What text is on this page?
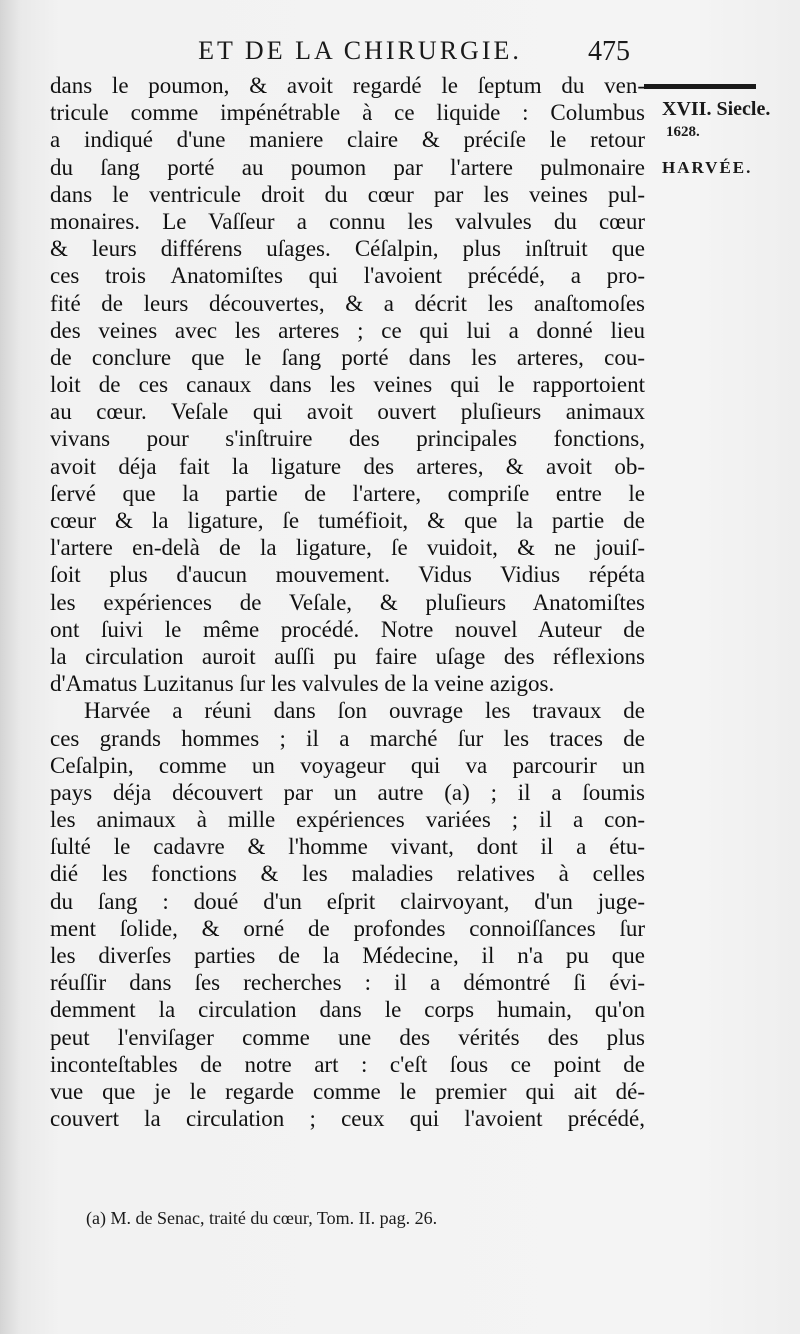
ET DE LA CHIRURGIE.	475
XVII. Siecle.
1628.
HARVÉE.
dans le poumon, & avoit regardé le ſeptum du ven-
tricule comme impénétrable à ce liquide : Columbus
a indiqué d'une maniere claire & préciſe le retour
du ſang porté au poumon par l'artere pulmonaire
dans le ventricule droit du cœur par les veines pul-
monaires. Le Vaſſeur a connu les valvules du cœur
& leurs différens uſages. Céſalpin, plus inſtruit que
ces trois Anatomiſtes qui l'avoient précédé, a pro-
fité de leurs découvertes, & a décrit les anaſtomoſes
des veines avec les arteres ; ce qui lui a donné lieu
de conclure que le ſang porté dans les arteres, cou-
loit de ces canaux dans les veines qui le rapportoient
au cœur. Veſale qui avoit ouvert pluſieurs animaux
vivans pour s'inſtruire des principales fonctions,
avoit déja fait la ligature des arteres, & avoit ob-
ſervé que la partie de l'artere, compriſe entre le
cœur & la ligature, ſe tuméfioit, & que la partie de
l'artere en-delà de la ligature, ſe vuidoit, & ne jouiſ-
ſoit plus d'aucun mouvement. Vidus Vidius répéta
les expériences de Veſale, & pluſieurs Anatomiſtes
ont ſuivi le même procédé. Notre nouvel Auteur de
la circulation auroit auſſi pu faire uſage des réflexions
d'Amatus Luzitanus ſur les valvules de la veine azigos.
Harvée a réuni dans ſon ouvrage les travaux de
ces grands hommes ; il a marché ſur les traces de
Ceſalpin, comme un voyageur qui va parcourir un
pays déja découvert par un autre (a) ; il a ſoumis
les animaux à mille expériences variées ; il a con-
ſulté le cadavre & l'homme vivant, dont il a étu-
dié les fonctions & les maladies relatives à celles
du ſang : doué d'un eſprit clairvoyant, d'un juge-
ment ſolide, & orné de profondes connoiſſances ſur
les diverſes parties de la Médecine, il n'a pu que
réuſſir dans ſes recherches : il a démontré ſi évi-
demment la circulation dans le corps humain, qu'on
peut l'enviſager comme une des vérités des plus
inconteſtables de notre art : c'eſt ſous ce point de
vue que je le regarde comme le premier qui ait dé-
couvert la circulation ; ceux qui l'avoient précédé,
(a) M. de Senac, traité du cœur, Tom. II. pag. 26.
